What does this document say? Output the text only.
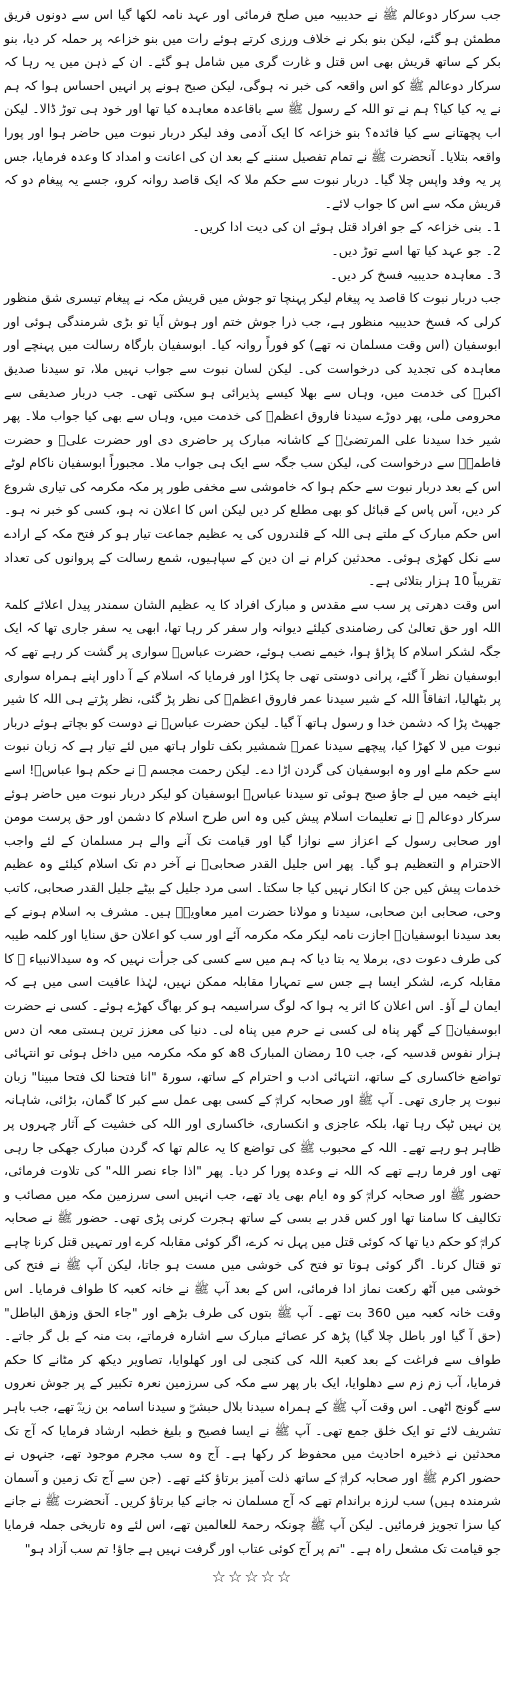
جب سرکار دوعالم ﷺ نے حدیبیہ میں صلح فرمائی اور عہد نامہ لکھا گیا اس سے دونوں فریق مطمئن ہو گئے، لیکن بنو بکر نے خلاف ورزی کرتے ہوئے رات میں بنو خزاعہ پر حملہ کر دیا، بنو بکر کے ساتھ قریش بھی اس قتل و غارت گری میں شامل ہو گئے۔ ان کے ذہن میں یہ رہا کہ سرکار دوعالم ﷺ کو اس واقعہ کی خبر نہ ہوگی، لیکن صبح ہونے پر انہیں احساس ہوا کہ ہم نے یہ کیا کیا؟ ہم نے تو اللہ کے رسول ﷺ سے باقاعدہ معاہدہ کیا تھا اور خود ہی توڑ ڈالا۔ لیکن اب پچھتانے سے کیا فائدہ؟ بنو خزاعہ کا ایک آدمی وفد لیکر دربار نبوت میں حاضر ہوا اور پورا واقعہ بتلایا۔ آنحضرت ﷺ نے تمام تفصیل سننے کے بعد ان کی اعانت و امداد کا وعدہ فرمایا، جس پر یہ وفد واپس چلا گیا۔ دربار نبوت سے حکم ملا کہ ایک قاصد روانہ کرو، جسے یہ پیغام دو کہ قریش مکہ سے اس کا جواب لائے۔

1۔ بنی خزاعہ کے جو افراد قتل ہوئے ان کی دیت ادا کریں۔
2۔ جو عہد کیا تھا اسے توڑ دیں۔
3۔ معاہدہ حدیبیہ فسخ کر دیں۔

جب دربار نبوت کا قاصد یہ پیغام لیکر پہنچا تو جوش میں قریش مکہ نے پیغام تیسری شق منظور کرلی کہ فسخ حدیبیہ منظور ہے، جب ذرا جوش ختم اور ہوش آیا تو بڑی شرمندگی ہوئی اور ابوسفیان (اس وقت مسلمان نہ تھے) کو فوراً روانہ کیا۔ ابوسفیان بارگاہ رسالت میں پہنچے اور معاہدہ کی تجدید کی درخواست کی۔ لیکن لسان نبوت سے جواب نہیں ملا، تو سیدنا صدیق اکبرؓ کی خدمت میں، وہاں سے بھلا کیسے پذیرائی ہو سکتی تھی۔ جب دربار صدیقی سے محرومی ملی، پھر دوڑے سیدنا فاروق اعظمؓ کی خدمت میں، وہاں سے بھی کیا جواب ملا۔ پھر شیر خدا سیدنا علی المرتضیٰؓ کے کاشانہ مبارک پر حاضری دی اور حضرت علیؓ و حضرت فاطمہؓ سے درخواست کی، لیکن سب جگہ سے ایک ہی جواب ملا۔ مجبوراً ابوسفیان ناکام لوٹے اس کے بعد دربار نبوت سے حکم ہوا کہ خاموشی سے مخفی طور پر مکہ مکرمہ کی تیاری شروع کر دیں، آس پاس کے قبائل کو بھی مطلع کر دیں لیکن اس کا اعلان نہ ہو، کسی کو خبر نہ ہو۔ اس حکم مبارک کے ملتے ہی اللہ کے قلندروں کی یہ عظیم جماعت تیار ہو کر فتح مکہ کے ارادے سے نکل کھڑی ہوئی۔ محدثین کرام نے ان دین کے سپاہیوں، شمع رسالت کے پروانوں کی تعداد تقریباً 10 ہزار بتلائی ہے۔

اس وقت دھرتی پر سب سے مقدس و مبارک افراد کا یہ عظیم الشان سمندر پیدل اعلائے کلمۃ اللہ اور حق تعالیٰ کی رضامندی کیلئے دیوانہ وار سفر کر رہا تھا، ابھی یہ سفر جاری تھا کہ ایک جگہ لشکر اسلام کا پڑاؤ ہوا، خیمے نصب ہوئے، حضرت عباسؓ سواری پر گشت کر رہے تھے کہ ابوسفیان نظر آ گئے، پرانی دوستی تھی جا پکڑا اور فرمایا کہ اسلام کے آ داور اپنے ہمراہ سواری پر بٹھالیا، اتفاقاً اللہ کے شیر سیدنا عمر فاروق اعظمؓ کی نظر پڑ گئی، نظر پڑتے ہی اللہ کا شیر جھپٹ پڑا کہ دشمن خدا و رسول ہاتھ آ گیا۔ لیکن حضرت عباسؓ نے دوست کو بچاتے ہوئے دربار نبوت میں لا کھڑا کیا، پیچھے سیدنا عمرؓ شمشیر بکف تلوار ہاتھ میں لئے تیار ہے کہ زبان نبوت سے حکم ملے اور وہ ابوسفیان کی گردن اڑا دے۔ لیکن رحمت مجسم ﷺ نے حکم ہوا عباسؓ! اسے اپنے خیمہ میں لے جاؤ صبح ہوئی تو سیدنا عباسؓ ابوسفیان کو لیکر دربار نبوت میں حاضر ہوئے سرکار دوعالم ﷺ نے تعلیمات اسلام پیش کیں وہ اس طرح اسلام کا دشمن اور حق پرست مومن اور صحابی رسول کے اعزاز سے نوازا گیا اور قیامت تک آنے والے ہر مسلمان کے لئے واجب الاحترام و التعظیم ہو گیا۔ پھر اس جلیل القدر صحابیؓ نے آخر دم تک اسلام کیلئے وہ عظیم خدمات پیش کیں جن کا انکار نہیں کیا جا سکتا۔ اسی مرد جلیل کے بیٹے جلیل القدر صحابی، کاتب وحی، صحابی ابن صحابی، سیدنا و مولانا حضرت امیر معاویہؓ ہیں۔ مشرف بہ اسلام ہونے کے بعد سیدنا ابوسفیانؓ اجازت نامہ لیکر مکہ مکرمہ آئے اور سب کو اعلان حق سنایا اور کلمہ طیبہ کی طرف دعوت دی، برملا یہ بتا دیا کہ ہم میں سے کسی کی جرأت نہیں کہ وہ سیدالانبیاء ﷺ کا مقابلہ کرے، لشکر ایسا ہے جس سے تمہارا مقابلہ ممکن نہیں، لہٰذا عافیت اسی میں ہے کہ ایمان لے آؤ۔ اس اعلان کا اثر یہ ہوا کہ لوگ سراسیمہ ہو کر بھاگ کھڑے ہوئے۔ کسی نے حضرت ابوسفیانؓ کے گھر پناہ لی کسی نے حرم میں پناہ لی۔ دنیا کی معزز ترین ہستی معہ ان دس ہزار نفوس قدسیہ کے، جب 10 رمضان المبارک 8ھ کو مکہ مکرمہ میں داخل ہوئی تو انتہائی تواضع خاکساری کے ساتھ، انتہائی ادب و احترام کے ساتھ، سورۃ "انا فتحنا لک فتحا مبینا" زبان نبوت پر جاری تھی۔ آپ ﷺ اور صحابہ کرامؓ کے کسی بھی عمل سے کبر کا گمان، بڑائی، شاہانہ پن نہیں ٹپک رہا تھا، بلکہ عاجزی و انکساری، خاکساری اور اللہ کی خشیت کے آثار چہروں پر ظاہر ہو رہے تھے۔ اللہ کے محبوب ﷺ کی تواضع کا یہ عالم تھا کہ گردن مبارک جھکی جا رہی تھی اور فرما رہے تھے کہ اللہ نے وعدہ پورا کر دیا۔ پھر "اذا جاء نصر اللہ" کی تلاوت فرمائی، حضور ﷺ اور صحابہ کرامؓ کو وہ ایام بھی یاد تھے، جب انہیں اسی سرزمین مکہ میں مصائب و تکالیف کا سامنا تھا اور کس قدر بے بسی کے ساتھ ہجرت کرنی پڑی تھی۔ حضور ﷺ نے صحابہ کرامؓ کو حکم دیا تھا کہ کوئی قتل میں پہل نہ کرے، اگر کوئی مقابلہ کرے اور تمہیں قتل کرنا چاہے تو قتال کرنا۔ اگر کوئی ہوتا تو فتح کی خوشی میں مست ہو جاتا، لیکن آپ ﷺ نے فتح کی خوشی میں آٹھ رکعت نماز ادا فرمائی، اس کے بعد آپ ﷺ نے خانہ کعبہ کا طواف فرمایا۔ اس وقت خانہ کعبہ میں 360 بت تھے۔ آپ ﷺ بتوں کی طرف بڑھے اور "جاء الحق وزھق الباطل" (حق آ گیا اور باطل چلا گیا) پڑھ کر عصائے مبارک سے اشارہ فرماتے، بت منہ کے بل گر جاتے۔ طواف سے فراغت کے بعد کعبۃ اللہ کی کنجی لی اور کھلوایا، تصاویر دیکھ کر مٹانے کا حکم فرمایا، آب زم زم سے دھلوایا، ایک بار پھر سے مکہ کی سرزمین نعرہ تکبیر کے پر جوش نعروں سے گونج اٹھی۔ اس وقت آپ ﷺ کے ہمراہ سیدنا بلال حبشیؓ و سیدنا اسامہ بن زیدؓ تھے، جب باہر تشریف لائے تو ایک خلق جمع تھی۔ آپ ﷺ نے ایسا فصیح و بلیغ خطبہ ارشاد فرمایا کہ آج تک محدثین نے ذخیرہ احادیث میں محفوظ کر رکھا ہے۔ آج وہ سب مجرم موجود تھے، جنہوں نے حضور اکرم ﷺ اور صحابہ کرامؓ کے ساتھ ذلت آمیز برتاؤ کئے تھے۔ (جن سے آج تک زمین و آسمان شرمندہ ہیں) سب لرزہ براندام تھے کہ آج مسلمان نہ جانے کیا برتاؤ کریں۔ آنحضرت ﷺ نے جانے کیا سزا تجویز فرمائیں۔ لیکن آپ ﷺ چونکہ رحمۃ للعالمین تھے، اس لئے وہ تاریخی جملہ فرمایا جو قیامت تک مشعل راہ ہے۔ "تم پر آج کوئی عتاب اور گرفت نہیں ہے جاؤ! تم سب آزاد ہو"

☆☆☆☆☆
